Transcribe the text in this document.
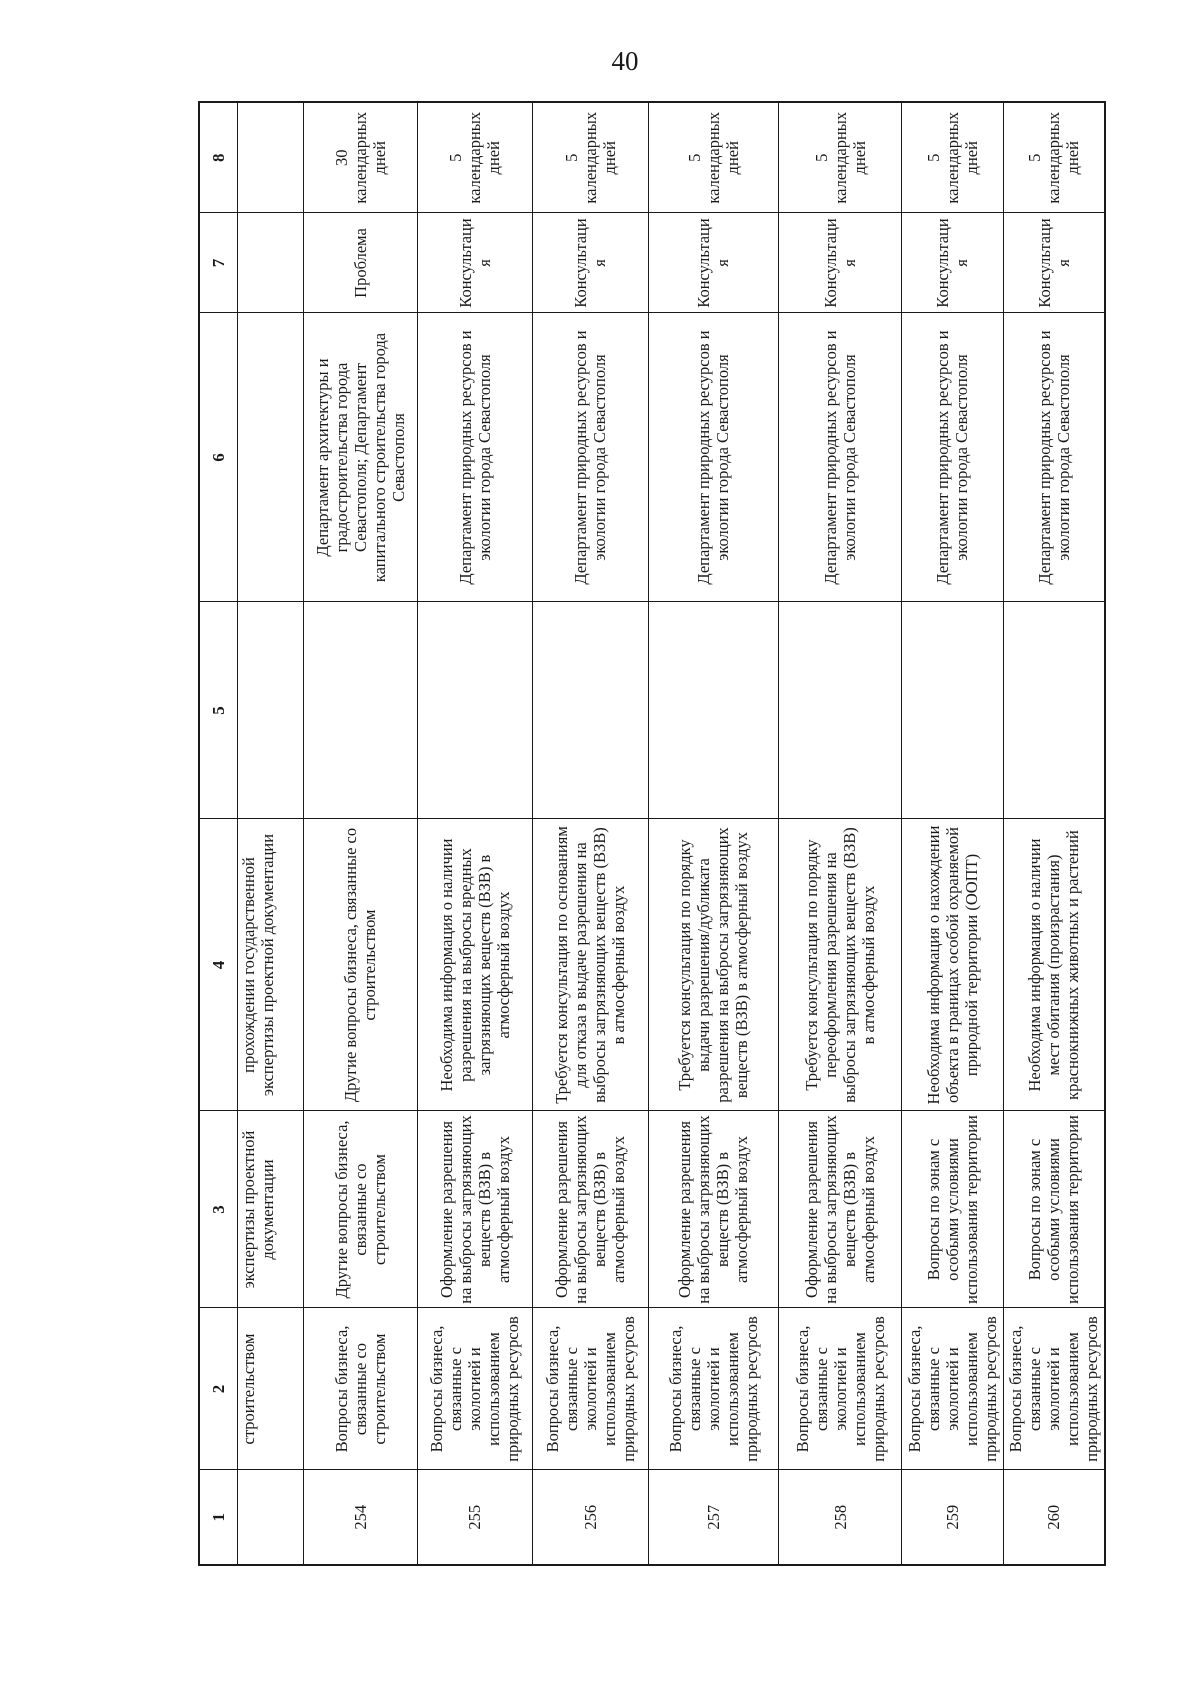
40
1	2	3	4	5	6	7	8
	строительством	экспертизы проектной документации	прохождении государственной экспертизы проектной документации				
254	Вопросы бизнеса, связанные со строительством	Другие вопросы бизнеса, связанные со строительством	Другие вопросы бизнеса, связанные со строительством		Департамент архитектуры и градостроительства города Севастополя; Департамент капитального строительства города Севастополя	Проблема	30 календарных дней
255	Вопросы бизнеса, связанные с экологией и использованием природных ресурсов	Оформление разрешения на выбросы загрязняющих веществ (ВЗВ) в атмосферный воздух	Необходима информация о наличии разрешения на выбросы вредных загрязняющих веществ (ВЗВ) в атмосферный воздух		Департамент природных ресурсов и экологии города Севастополя	Консультация	5 календарных дней
256	Вопросы бизнеса, связанные с экологией и использованием природных ресурсов	Оформление разрешения на выбросы загрязняющих веществ (ВЗВ) в атмосферный воздух	Требуется консультация по основаниям для отказа в выдаче разрешения на выбросы загрязняющих веществ (ВЗВ) в атмосферный воздух		Департамент природных ресурсов и экологии города Севастополя	Консультация	5 календарных дней
257	Вопросы бизнеса, связанные с экологией и использованием природных ресурсов	Оформление разрешения на выбросы загрязняющих веществ (ВЗВ) в атмосферный воздух	Требуется консультация по порядку выдачи разрешения/дубликата разрешения на выбросы загрязняющих веществ (ВЗВ) в атмосферный воздух		Департамент природных ресурсов и экологии города Севастополя	Консультация	5 календарных дней
258	Вопросы бизнеса, связанные с экологией и использованием природных ресурсов	Оформление разрешения на выбросы загрязняющих веществ (ВЗВ) в атмосферный воздух	Требуется консультация по порядку переоформления разрешения на выбросы загрязняющих веществ (ВЗВ) в атмосферный воздух		Департамент природных ресурсов и экологии города Севастополя	Консультация	5 календарных дней
259	Вопросы бизнеса, связанные с экологией и использованием природных ресурсов	Вопросы по зонам с особыми условиями использования территории	Необходима информация о нахождении объекта в границах особой охраняемой природной территории (ООПТ)		Департамент природных ресурсов и экологии города Севастополя	Консультация	5 календарных дней
260	Вопросы бизнеса, связанные с экологией и использованием природных ресурсов	Вопросы по зонам с особыми условиями использования территории	Необходима информация о наличии мест обитания (произрастания) краснокнижных животных и растений		Департамент природных ресурсов и экологии города Севастополя	Консультация	5 календарных дней
